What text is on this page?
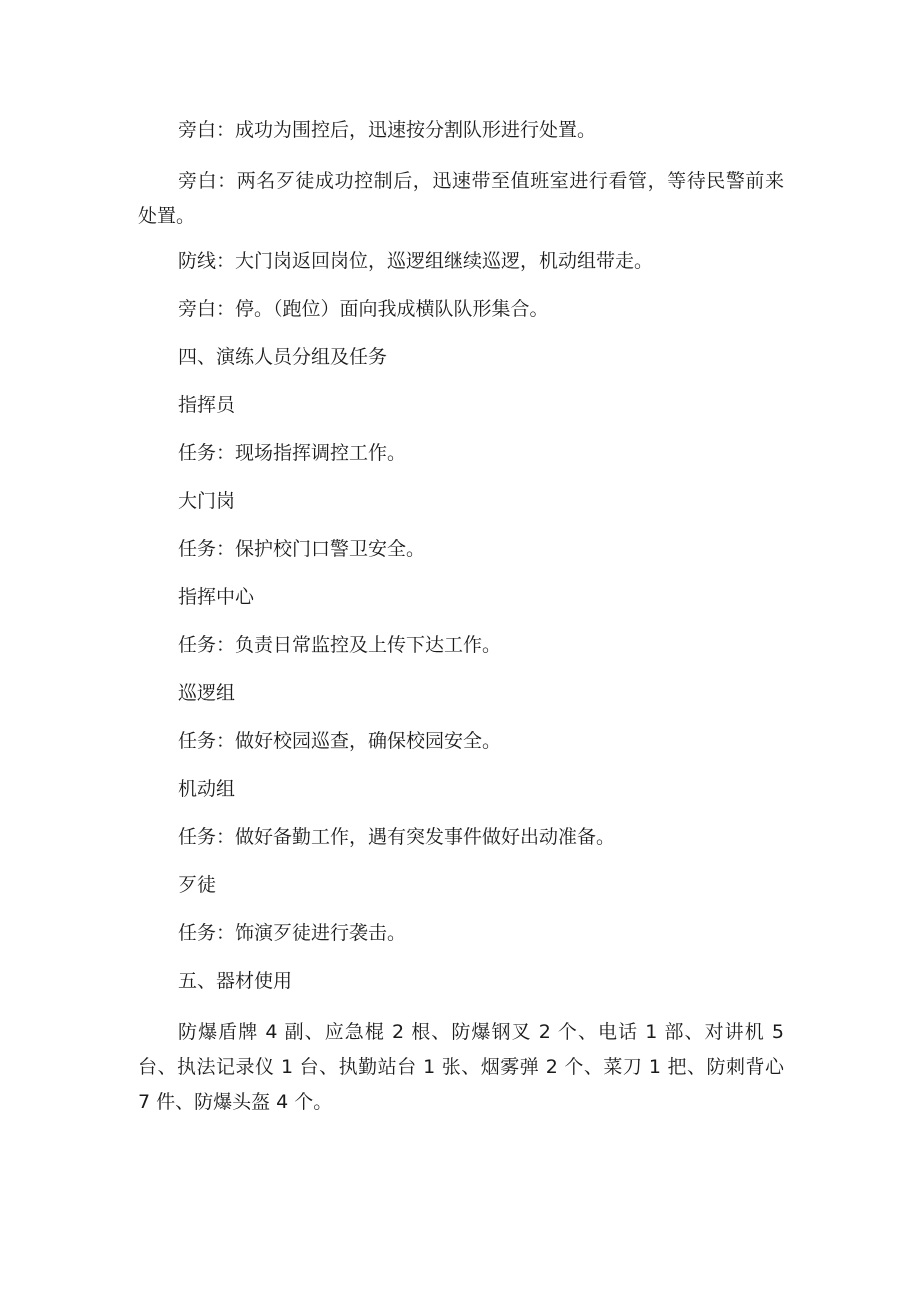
旁白：成功为围控后，迅速按分割队形进行处置。

旁白：两名歹徒成功控制后，迅速带至值班室进行看管，等待民警前来处置。

防线：大门岗返回岗位，巡逻组继续巡逻，机动组带走。

旁白：停。（跑位）面向我成横队队形集合。

四、演练人员分组及任务

指挥员

任务：现场指挥调控工作。

大门岗

任务：保护校门口警卫安全。

指挥中心

任务：负责日常监控及上传下达工作。

巡逻组

任务：做好校园巡查，确保校园安全。

机动组

任务：做好备勤工作，遇有突发事件做好出动准备。

歹徒

任务：饰演歹徒进行袭击。

五、器材使用

防爆盾牌 4 副、应急棍 2 根、防爆钢叉 2 个、电话 1 部、对讲机 5 台、执法记录仪 1 台、执勤站台 1 张、烟雾弹 2 个、菜刀 1 把、防刺背心 7 件、防爆头盔 4 个。
